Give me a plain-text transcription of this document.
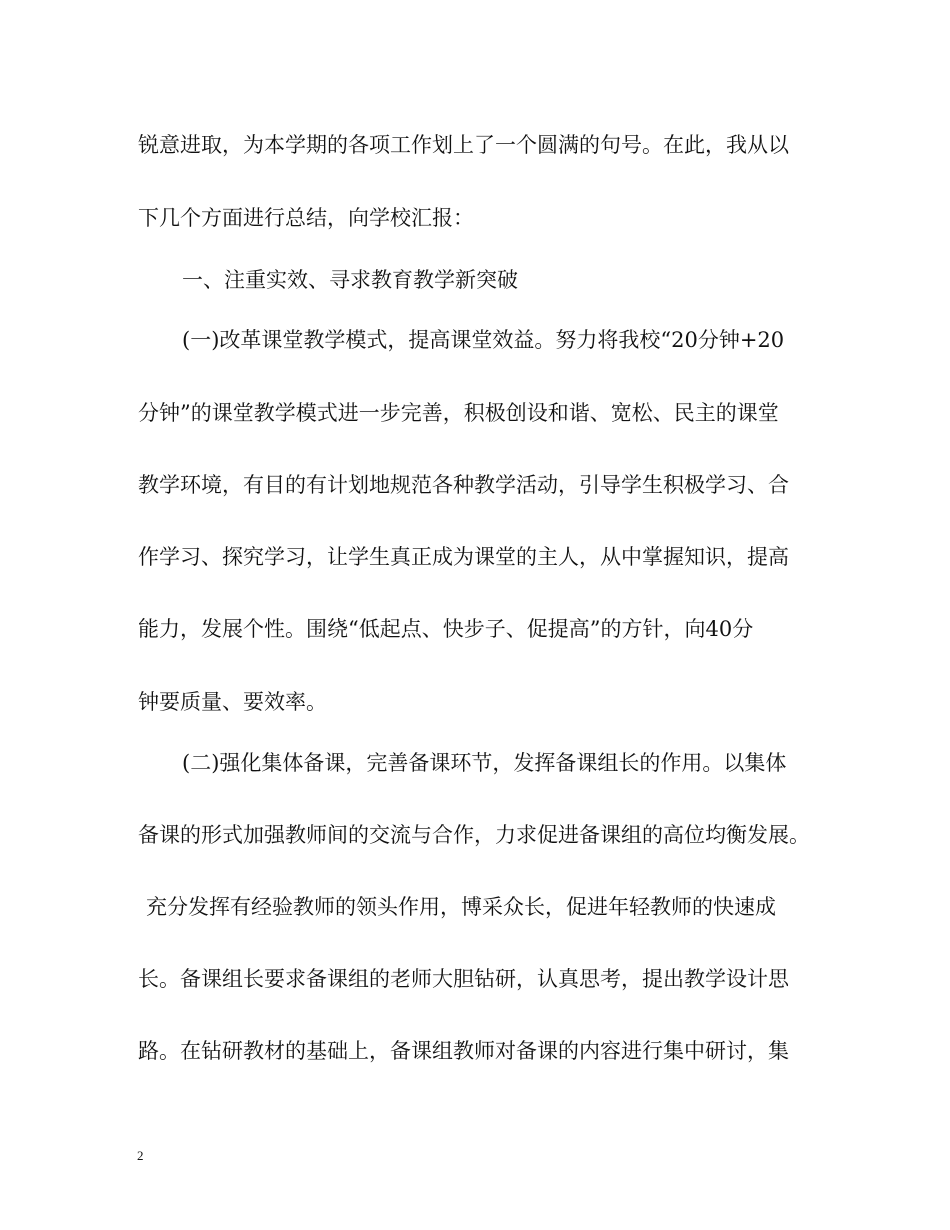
锐意进取，为本学期的各项工作划上了一个圆满的句号。在此，我从以
下几个方面进行总结，向学校汇报：
一、注重实效、寻求教育教学新突破
(一)改革课堂教学模式，提高课堂效益。努力将我校“20分钟+20
分钟”的课堂教学模式进一步完善，积极创设和谐、宽松、民主的课堂
教学环境，有目的有计划地规范各种教学活动，引导学生积极学习、合
作学习、探究学习，让学生真正成为课堂的主人，从中掌握知识，提高
能力，发展个性。围绕“低起点、快步子、促提高”的方针，向40分
钟要质量、要效率。
(二)强化集体备课，完善备课环节，发挥备课组长的作用。以集体
备课的形式加强教师间的交流与合作，力求促进备课组的高位均衡发展。
充分发挥有经验教师的领头作用，博采众长，促进年轻教师的快速成
长。备课组长要求备课组的老师大胆钻研，认真思考，提出教学设计思
路。在钻研教材的基础上，备课组教师对备课的内容进行集中研讨，集
2
